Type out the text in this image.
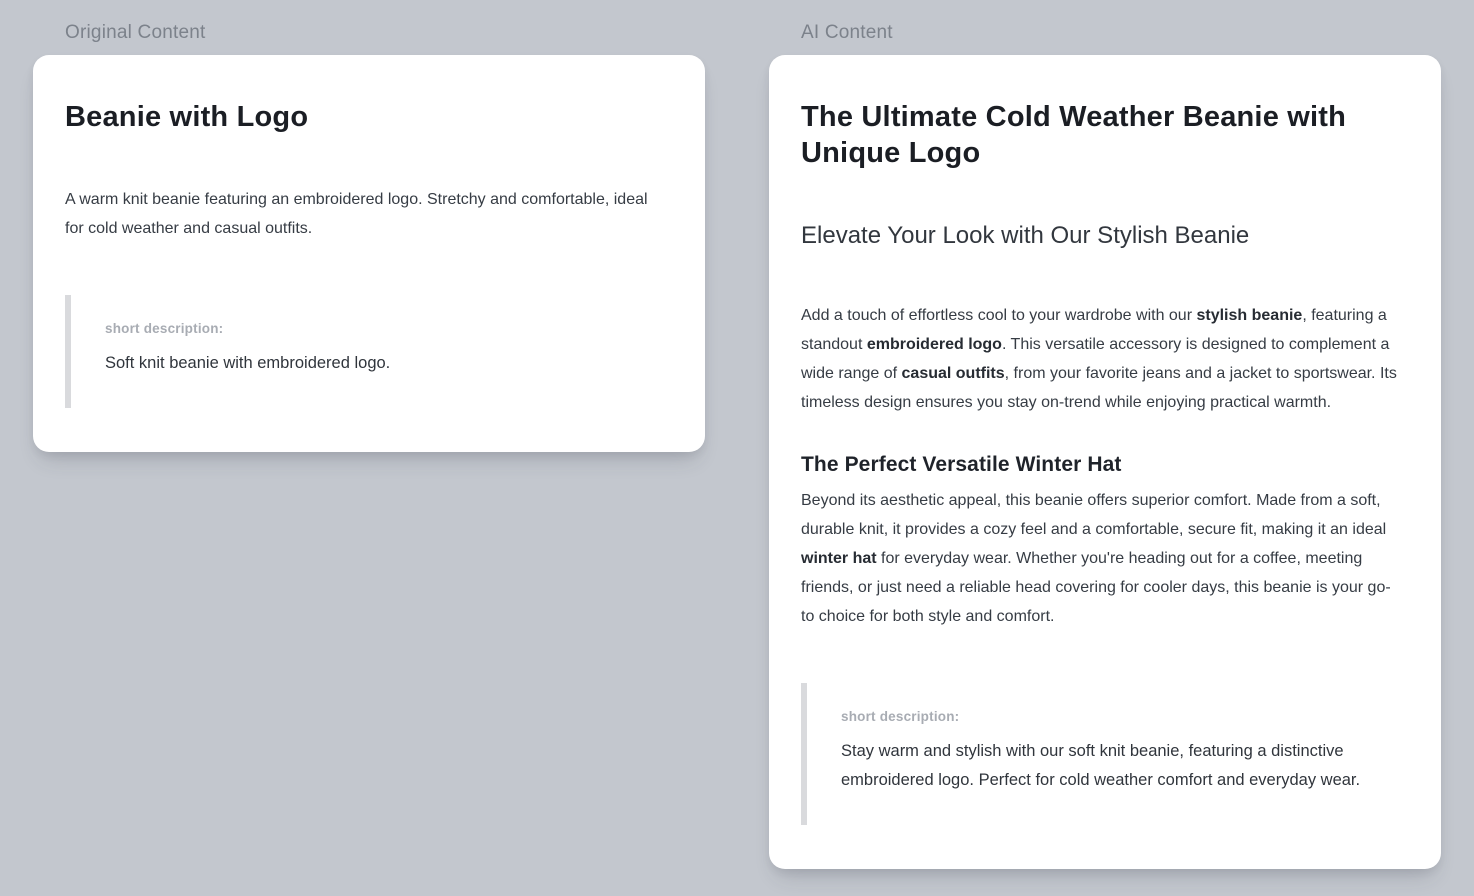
Original Content
Beanie with Logo

A warm knit beanie featuring an embroidered logo. Stretchy and comfortable, ideal for cold weather and casual outfits.

short description:
Soft knit beanie with embroidered logo.
AI Content
The Ultimate Cold Weather Beanie with Unique Logo
Elevate Your Look with Our Stylish Beanie

Add a touch of effortless cool to your wardrobe with our stylish beanie, featuring a standout embroidered logo. This versatile accessory is designed to complement a wide range of casual outfits, from your favorite jeans and a jacket to sportswear. Its timeless design ensures you stay on-trend while enjoying practical warmth.

The Perfect Versatile Winter Hat

Beyond its aesthetic appeal, this beanie offers superior comfort. Made from a soft, durable knit, it provides a cozy feel and a comfortable, secure fit, making it an ideal winter hat for everyday wear. Whether you're heading out for a coffee, meeting friends, or just need a reliable head covering for cooler days, this beanie is your go-to choice for both style and comfort.

short description:
Stay warm and stylish with our soft knit beanie, featuring a distinctive embroidered logo. Perfect for cold weather comfort and everyday wear.
